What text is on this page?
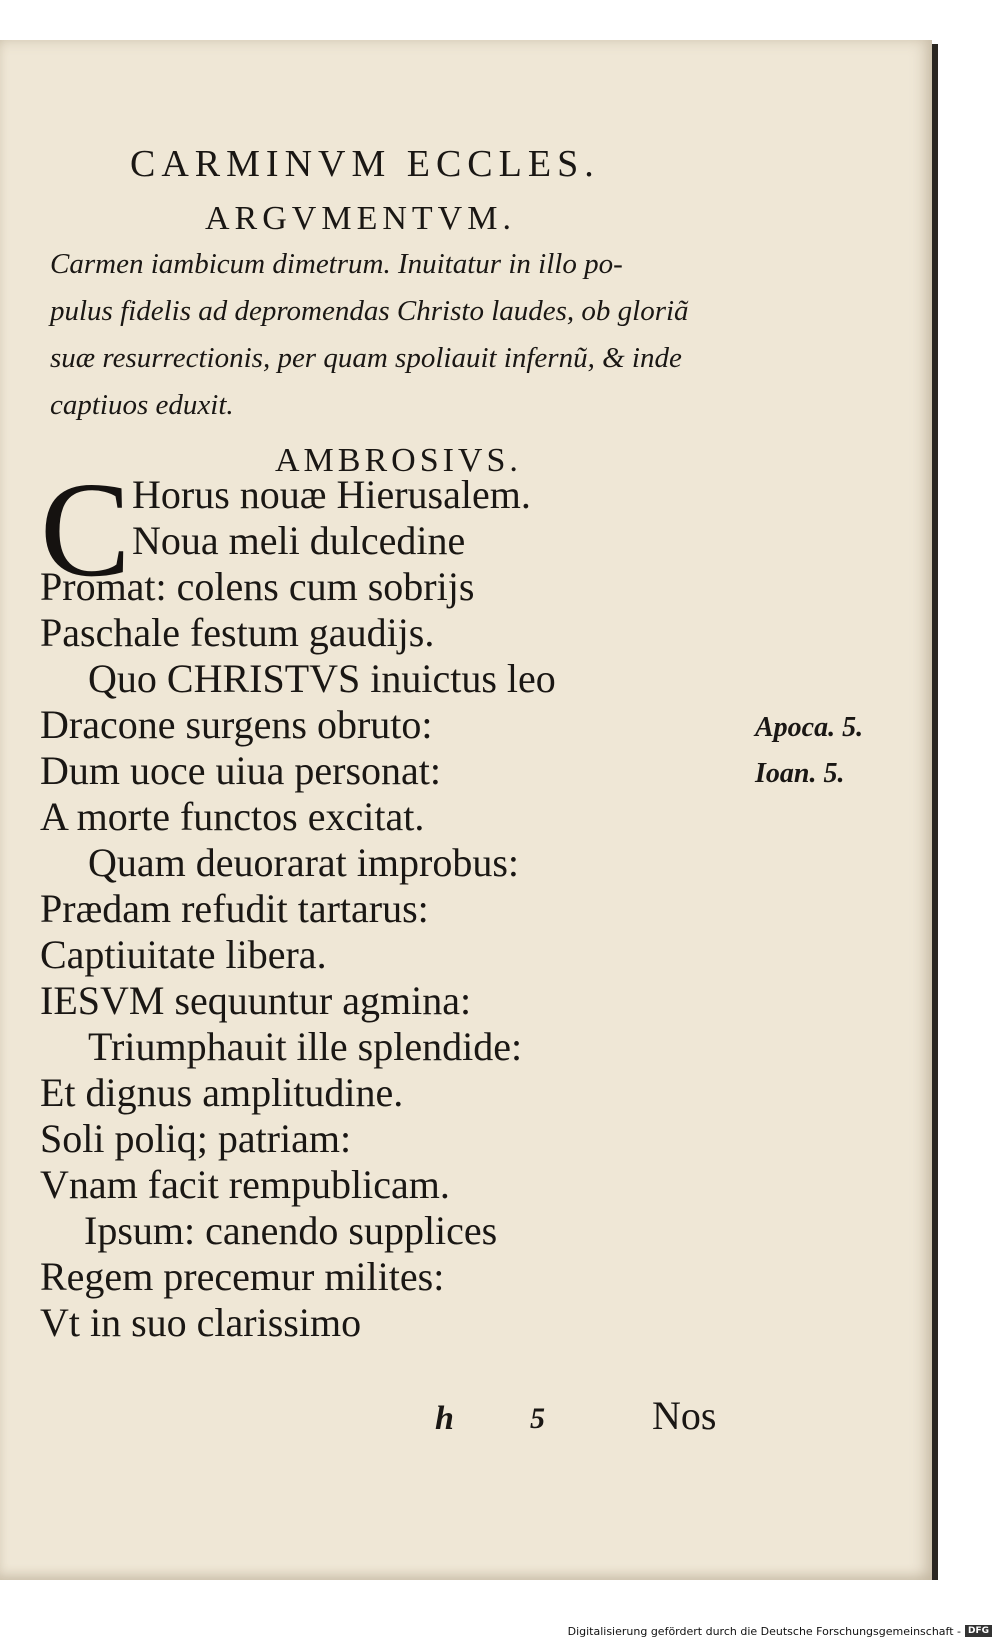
CARMINVM ECCLES.
ARGVMENTVM.
Carmen iambicum dimetrum. Inuitatur in illo po-
pulus fidelis ad depromendas Christo laudes, ob gloriã
suæ resurrectionis, per quam spoliauit infernũ, & inde
captiuos eduxit.
AMBROSIVS.
C Horus nouæ Hierusalem.
Noua meli dulcedine
Promat: colens cum sobrijs
Paschale festum gaudijs.
Quo CHRISTVS inuictus leo
Dracone surgens obruto:
Dum uoce uiua personat:
A morte functos excitat.
Quam deuorarat improbus:
Prædam refudit tartarus:
Captiuitate libera.
IESVM sequuntur agmina:
Triumphauit ille splendide:
Et dignus amplitudine.
Soli poliq; patriam:
Vnam facit rempublicam.
Ipsum: canendo supplices
Regem precemur milites:
Vt in suo clarissimo
Apoca. 5.
Ioan. 5.
h	5	Nos
Digitalisierung gefördert durch die Deutsche Forschungsgemeinschaft - DFG
